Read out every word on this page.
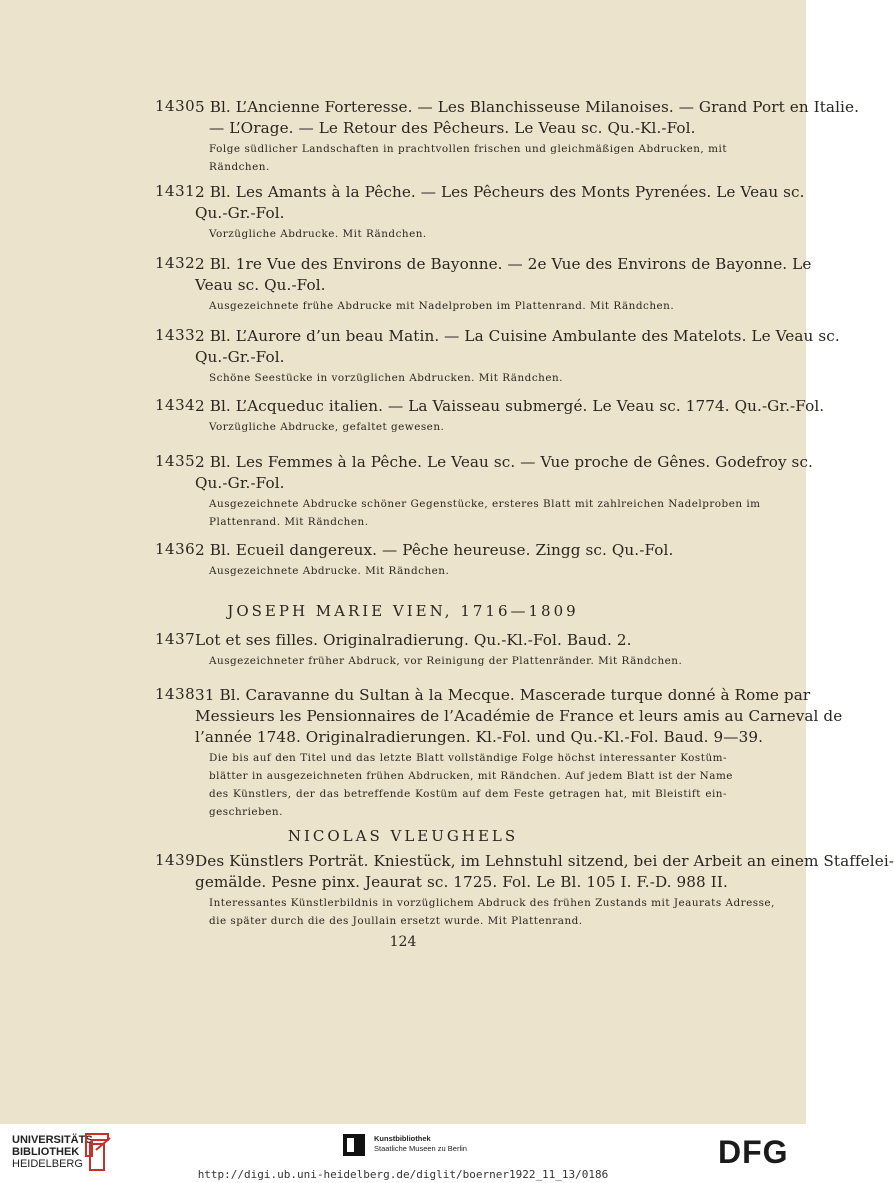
1430 5 Bl. L’Ancienne Forteresse. — Les Blanchisseuse Milanoises. — Grand Port en Italie.
— L’Orage. — Le Retour des Pêcheurs. Le Veau sc. Qu.-Kl.-Fol.
Folge südlicher Landschaften in prachtvollen frischen und gleichmäßigen Abdrucken, mit
Rändchen.
1431 2 Bl. Les Amants à la Pêche. — Les Pêcheurs des Monts Pyrenées. Le Veau sc.
Qu.-Gr.-Fol.
Vorzügliche Abdrucke. Mit Rändchen.
1432 2 Bl. 1re Vue des Environs de Bayonne. — 2e Vue des Environs de Bayonne. Le
Veau sc. Qu.-Fol.
Ausgezeichnete frühe Abdrucke mit Nadelproben im Plattenrand. Mit Rändchen.
1433 2 Bl. L’Aurore d’un beau Matin. — La Cuisine Ambulante des Matelots. Le Veau sc.
Qu.-Gr.-Fol.
Schöne Seestücke in vorzüglichen Abdrucken. Mit Rändchen.
1434 2 Bl. L’Acqueduc italien. — La Vaisseau submergé. Le Veau sc. 1774. Qu.-Gr.-Fol.
Vorzügliche Abdrucke, gefaltet gewesen.
1435 2 Bl. Les Femmes à la Pêche. Le Veau sc. — Vue proche de Gênes. Godefroy sc.
Qu.-Gr.-Fol.
Ausgezeichnete Abdrucke schöner Gegenstücke, ersteres Blatt mit zahlreichen Nadelproben im
Plattenrand. Mit Rändchen.
1436 2 Bl. Ecueil dangereux. — Pêche heureuse. Zingg sc. Qu.-Fol.
Ausgezeichnete Abdrucke. Mit Rändchen.
JOSEPH MARIE VIEN, 1716—1809
1437 Lot et ses filles. Originalradierung. Qu.-Kl.-Fol. Baud. 2.
Ausgezeichneter früher Abdruck, vor Reinigung der Plattenränder. Mit Rändchen.
1438 31 Bl. Caravanne du Sultan à la Mecque. Mascerade turque donné à Rome par
Messieurs les Pensionnaires de l’Académie de France et leurs amis au Carneval de
l’année 1748. Originalradierungen. Kl.-Fol. und Qu.-Kl.-Fol. Baud. 9—39.
Die bis auf den Titel und das letzte Blatt vollständige Folge höchst interessanter Kostüm-
blätter in ausgezeichneten frühen Abdrucken, mit Rändchen. Auf jedem Blatt ist der Name
des Künstlers, der das betreffende Kostüm auf dem Feste getragen hat, mit Bleistift ein-
geschrieben.
NICOLAS VLEUGHELS
1439 Des Künstlers Porträt. Kniestück, im Lehnstuhl sitzend, bei der Arbeit an einem Staffelei-
gemälde. Pesne pinx. Jeaurat sc. 1725. Fol. Le Bl. 105 I. F.-D. 988 II.
Interessantes Künstlerbildnis in vorzüglichem Abdruck des frühen Zustands mit Jeaurats Adresse,
die später durch die des Joullain ersetzt wurde. Mit Plattenrand.
124
UNIVERSITÄTS-
BIBLIOTHEK
HEIDELBERG
Kunstbibliothek
Staatliche Museen zu Berlin	DFG
http://digi.ub.uni-heidelberg.de/diglit/boerner1922_11_13/0186
